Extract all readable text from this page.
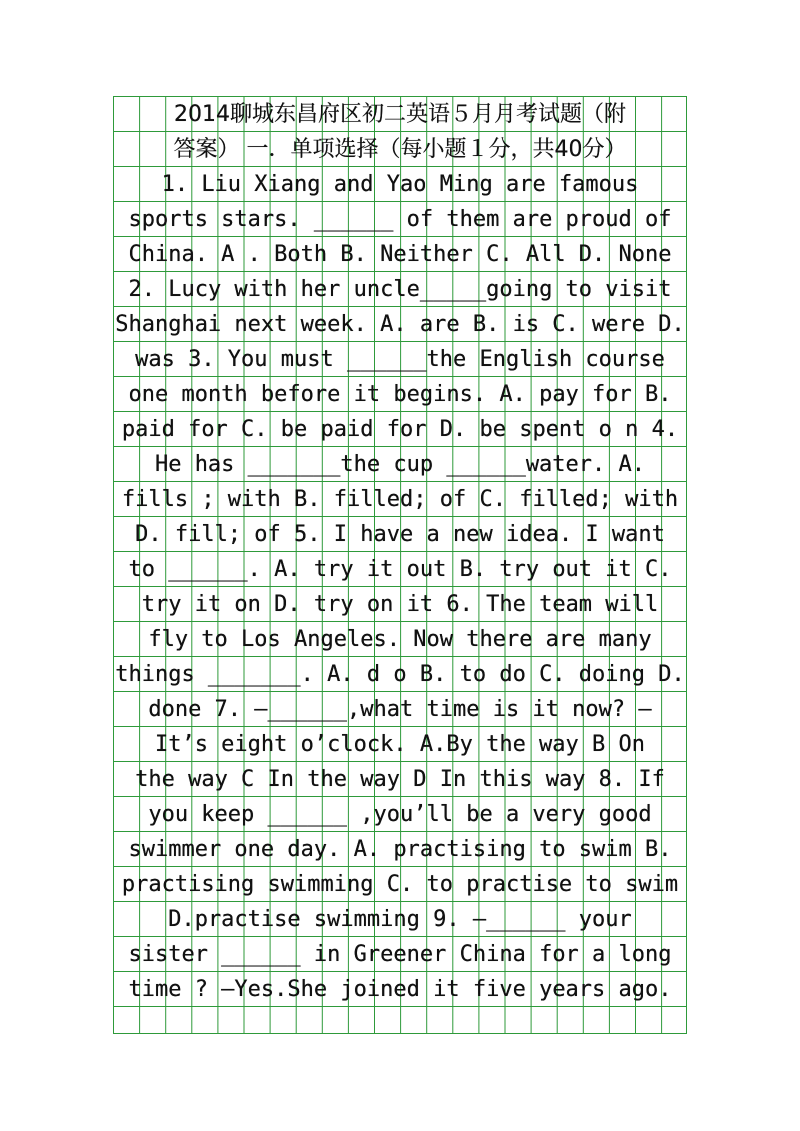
2014聊城东昌府区初二英语５月月考试题（附
答案） 一．单项选择（每小题１分，共40分）
1. Liu Xiang and Yao Ming are famous
sports stars. ______ of them are proud of
China. A . Both B. Neither C. All D. None
2. Lucy with her uncle_____going to visit
Shanghai next week. A. are B. is C. were D.
was 3. You must ______the English course
one month before it begins. A. pay for B.
paid for C. be paid for D. be spent o n 4.
He has _______the cup ______water. A.
fills ; with B. filled; of C. filled; with
D. fill; of 5. I have a new idea. I want
to ______. A. try it out B. try out it C.
try it on D. try on it 6. The team will
fly to Los Angeles. Now there are many
things _______. A. d o B. to do C. doing D.
done 7. —______,what time is it now? —
It’s eight o’clock. A.By the way B On
the way C In the way D In this way 8. If
you keep ______ ,you’ll be a very good
swimmer one day. A. practising to swim B.
practising swimming C. to practise to swim
D.practise swimming 9. —______ your
sister ______ in Greener China for a long
time ? —Yes.She joined it five years ago.
